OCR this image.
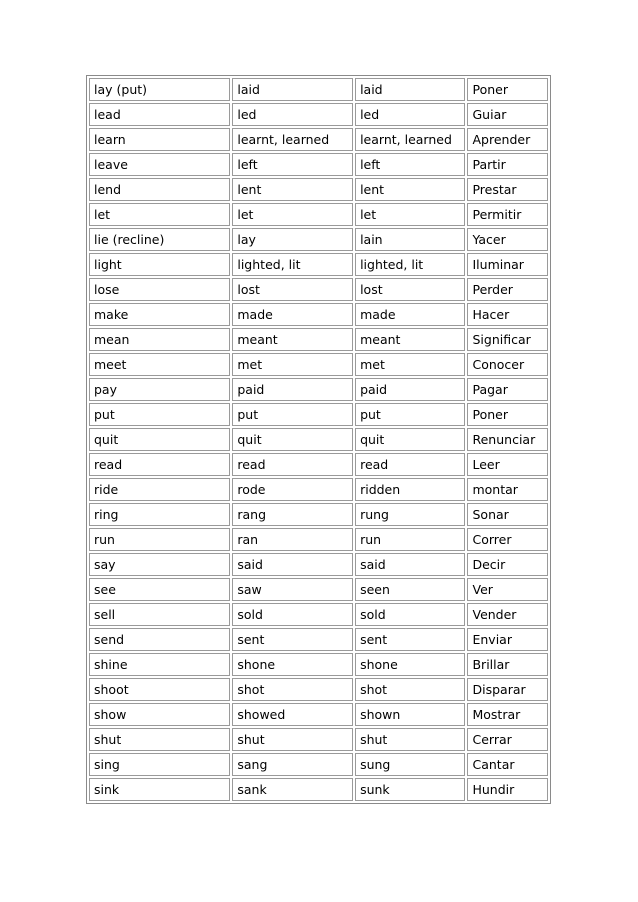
lay (put)	laid	laid	Poner
lead	led	led	Guiar
learn	learnt, learned	learnt, learned	Aprender
leave	left	left	Partir
lend	lent	lent	Prestar
let	let	let	Permitir
lie (recline)	lay	lain	Yacer
light	lighted, lit	lighted, lit	Iluminar
lose	lost	lost	Perder
make	made	made	Hacer
mean	meant	meant	Significar
meet	met	met	Conocer
pay	paid	paid	Pagar
put	put	put	Poner
quit	quit	quit	Renunciar
read	read	read	Leer
ride	rode	ridden	montar
ring	rang	rung	Sonar
run	ran	run	Correr
say	said	said	Decir
see	saw	seen	Ver
sell	sold	sold	Vender
send	sent	sent	Enviar
shine	shone	shone	Brillar
shoot	shot	shot	Disparar
show	showed	shown	Mostrar
shut	shut	shut	Cerrar
sing	sang	sung	Cantar
sink	sank	sunk	Hundir
